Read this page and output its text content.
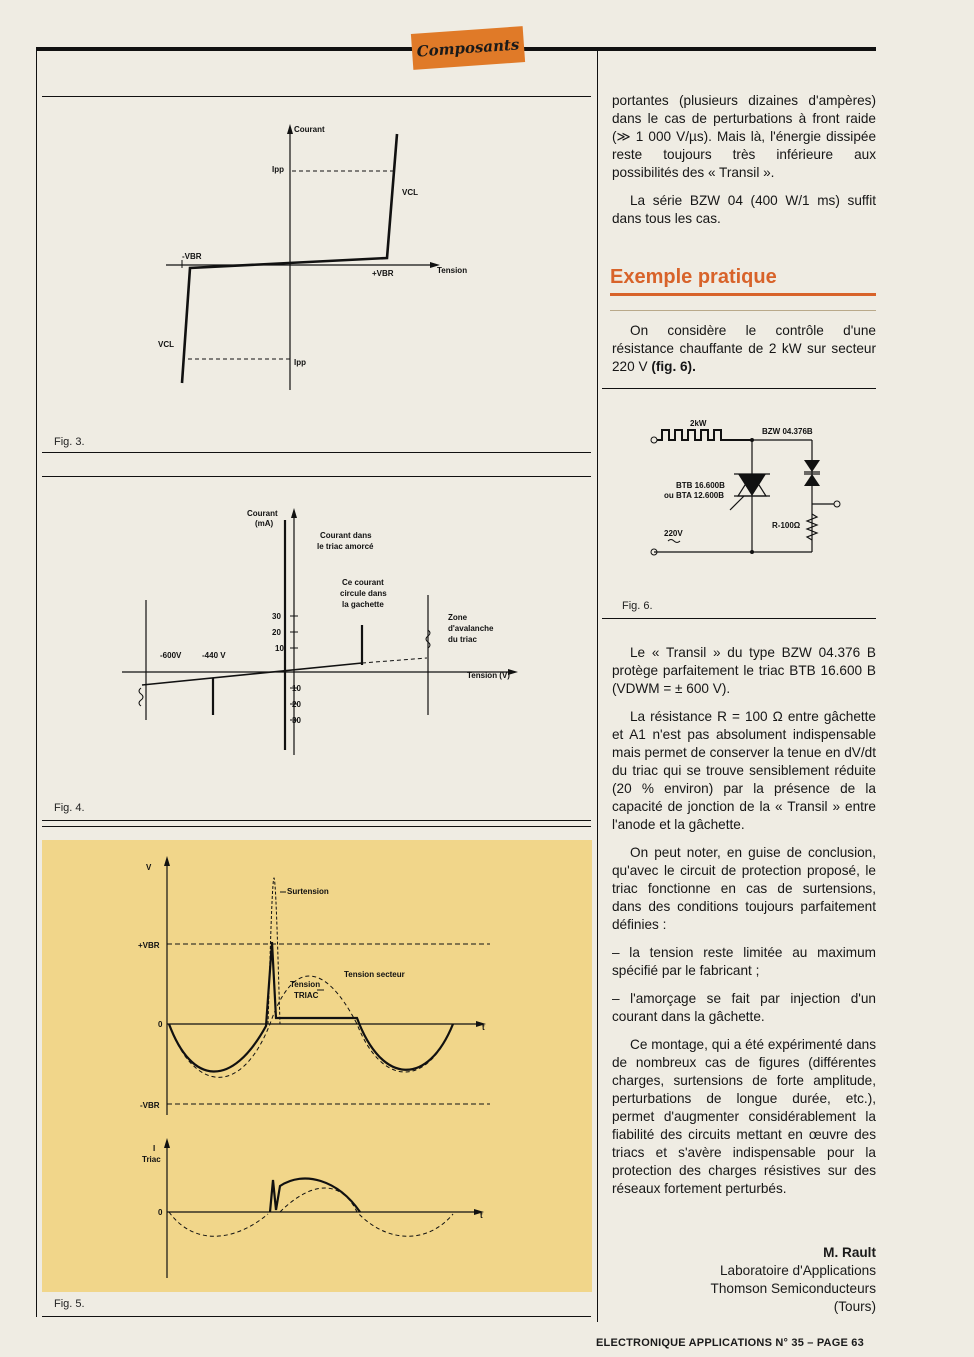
Composants
Courant
Ipp
VCL
-VBR
+VBR	Tension
VCL
Ipp
Fig. 3.
Courant
(mA)
Courant dans
le triac amorcé
Ce courant
circule dans
la gachette
Zone
d'avalanche
du triac
Tension (V)
-600V	-440 V
30
20
10
10
20
30
Fig. 4.
Surtension
Tension secteur
Tension
TRIAC
V
+VBR
0
-VBR
t
I
Triac
0	t
Fig. 5.

portantes (plusieurs dizaines d'ampères) dans le cas de perturbations à front raide (≫ 1 000 V/µs). Mais là, l'énergie dissipée reste toujours très inférieure aux possibilités des « Transil ».

La série BZW 04 (400 W/1 ms) suffit dans tous les cas.

Exemple pratique

On considère le contrôle d'une résistance chauffante de 2 kW sur secteur 220 V (fig. 6).

2kW
BZW 04.376B
BTB 16.600B
ou BTA 12.600B
220V
R-100Ω
Fig. 6.

Le « Transil » du type BZW 04.376 B protège parfaitement le triac BTB 16.600 B (VDWM = ± 600 V).

La résistance R = 100 Ω entre gâchette et A1 n'est pas absolument indispensable mais permet de conserver la tenue en dV/dt du triac qui se trouve sensiblement réduite (20 % environ) par la présence de la capacité de jonction de la « Transil » entre l'anode et la gâchette.

On peut noter, en guise de conclusion, qu'avec le circuit de protection proposé, le triac fonctionne en cas de surtensions, dans des conditions toujours parfaitement définies :

– la tension reste limitée au maximum spécifié par le fabricant ;

– l'amorçage se fait par injection d'un courant dans la gâchette.

Ce montage, qui a été expérimenté dans de nombreux cas de figures (différentes charges, surtensions de forte amplitude, perturbations de longue durée, etc.), permet d'augmenter considérablement la fiabilité des circuits mettant en œuvre des triacs et s'avère indispensable pour la protection des charges résistives sur des réseaux fortement perturbés.

M. Rault
Laboratoire d'Applications
Thomson Semiconducteurs
(Tours)
ELECTRONIQUE APPLICATIONS N° 35 – PAGE 63
